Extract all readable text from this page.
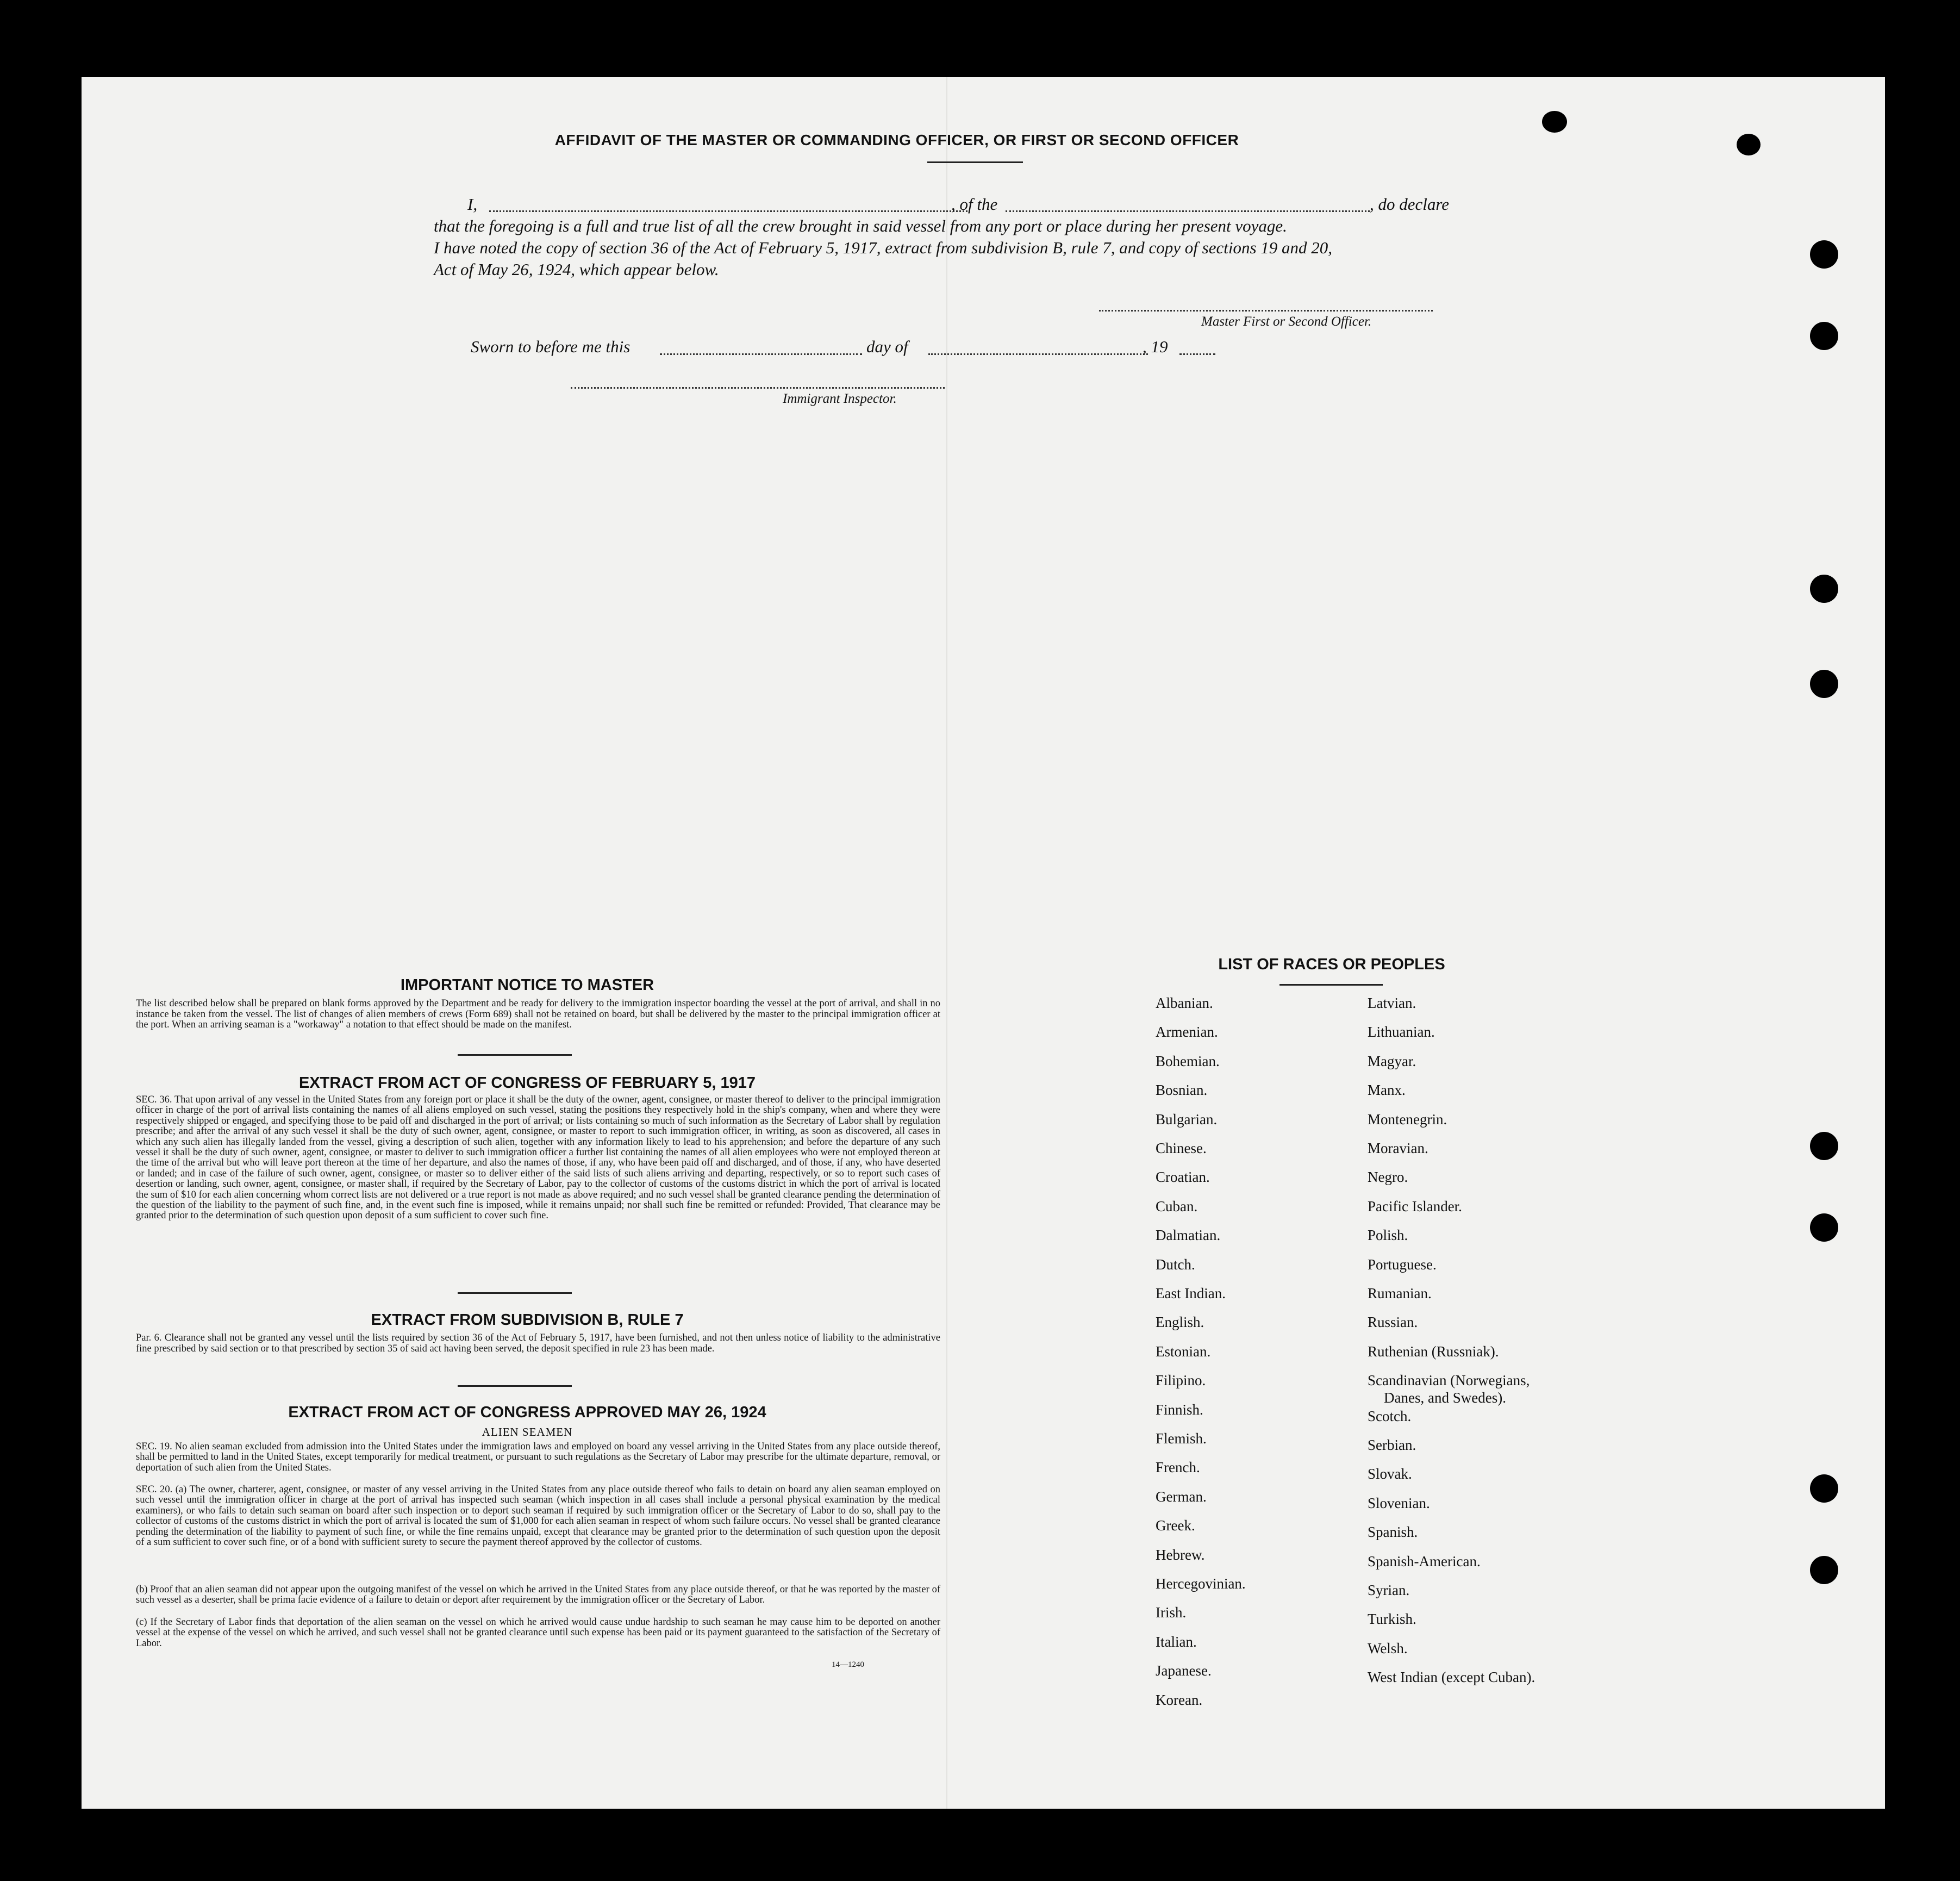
AFFIDAVIT OF THE MASTER OR COMMANDING OFFICER, OR FIRST OR SECOND OFFICER
I,	, of the	, do declare
that the foregoing is a full and true list of all the crew brought in said vessel from any port or place during her present voyage.
I have noted the copy of section 36 of the Act of February 5, 1917, extract from subdivision B, rule 7, and copy of sections 19 and 20,
Act of May 26, 1924, which appear below.
Master First or Second Officer.
Sworn to before me this	day of	, 19
Immigrant Inspector.
IMPORTANT NOTICE TO MASTER
The list described below shall be prepared on blank forms approved by the Department and be ready for delivery to the immigration inspector boarding the vessel at the port of arrival, and shall in no instance be taken from the vessel. The list of changes of alien members of crews (Form 689) shall not be retained on board, but shall be delivered by the master to the principal immigration officer at the port. When an arriving seaman is a "workaway" a notation to that effect should be made on the manifest.
EXTRACT FROM ACT OF CONGRESS OF FEBRUARY 5, 1917
SEC. 36. That upon arrival of any vessel in the United States from any foreign port or place it shall be the duty of the owner, agent, consignee, or master thereof to deliver to the principal immigration officer in charge of the port of arrival lists containing the names of all aliens employed on such vessel, stating the positions they respectively hold in the ship's company, when and where they were respectively shipped or engaged, and specifying those to be paid off and discharged in the port of arrival; or lists containing so much of such information as the Secretary of Labor shall by regulation prescribe; and after the arrival of any such vessel it shall be the duty of such owner, agent, consignee, or master to report to such immigration officer, in writing, as soon as discovered, all cases in which any such alien has illegally landed from the vessel, giving a description of such alien, together with any information likely to lead to his apprehension; and before the departure of any such vessel it shall be the duty of such owner, agent, consignee, or master to deliver to such immigration officer a further list containing the names of all alien employees who were not employed thereon at the time of the arrival but who will leave port thereon at the time of her departure, and also the names of those, if any, who have been paid off and discharged, and of those, if any, who have deserted or landed; and in case of the failure of such owner, agent, consignee, or master so to deliver either of the said lists of such aliens arriving and departing, respectively, or so to report such cases of desertion or landing, such owner, agent, consignee, or master shall, if required by the Secretary of Labor, pay to the collector of customs of the customs district in which the port of arrival is located the sum of $10 for each alien concerning whom correct lists are not delivered or a true report is not made as above required; and no such vessel shall be granted clearance pending the determination of the question of the liability to the payment of such fine, and, in the event such fine is imposed, while it remains unpaid; nor shall such fine be remitted or refunded: Provided, That clearance may be granted prior to the determination of such question upon deposit of a sum sufficient to cover such fine.
EXTRACT FROM SUBDIVISION B, RULE 7
Par. 6. Clearance shall not be granted any vessel until the lists required by section 36 of the Act of February 5, 1917, have been furnished, and not then unless notice of liability to the administrative fine prescribed by said section or to that prescribed by section 35 of said act having been served, the deposit specified in rule 23 has been made.
EXTRACT FROM ACT OF CONGRESS APPROVED MAY 26, 1924
ALIEN SEAMEN
SEC. 19. No alien seaman excluded from admission into the United States under the immigration laws and employed on board any vessel arriving in the United States from any place outside thereof, shall be permitted to land in the United States, except temporarily for medical treatment, or pursuant to such regulations as the Secretary of Labor may prescribe for the ultimate departure, removal, or deportation of such alien from the United States.
SEC. 20. (a) The owner, charterer, agent, consignee, or master of any vessel arriving in the United States from any place outside thereof who fails to detain on board any alien seaman employed on such vessel until the immigration officer in charge at the port of arrival has inspected such seaman (which inspection in all cases shall include a personal physical examination by the medical examiners), or who fails to detain such seaman on board after such inspection or to deport such seaman if required by such immigration officer or the Secretary of Labor to do so, shall pay to the collector of customs of the customs district in which the port of arrival is located the sum of $1,000 for each alien seaman in respect of whom such failure occurs. No vessel shall be granted clearance pending the determination of the liability to payment of such fine, or while the fine remains unpaid, except that clearance may be granted prior to the determination of such question upon the deposit of a sum sufficient to cover such fine, or of a bond with sufficient surety to secure the payment thereof approved by the collector of customs.
(b) Proof that an alien seaman did not appear upon the outgoing manifest of the vessel on which he arrived in the United States from any place outside thereof, or that he was reported by the master of such vessel as a deserter, shall be prima facie evidence of a failure to detain or deport after requirement by the immigration officer or the Secretary of Labor.
(c) If the Secretary of Labor finds that deportation of the alien seaman on the vessel on which he arrived would cause undue hardship to such seaman he may cause him to be deported on another vessel at the expense of the vessel on which he arrived, and such vessel shall not be granted clearance until such expense has been paid or its payment guaranteed to the satisfaction of the Secretary of Labor.
14—1240
LIST OF RACES OR PEOPLES
Albanian.
Armenian.
Bohemian.
Bosnian.
Bulgarian.
Chinese.
Croatian.
Cuban.
Dalmatian.
Dutch.
East Indian.
English.
Estonian.
Filipino.
Finnish.
Flemish.
French.
German.
Greek.
Hebrew.
Hercegovinian.
Irish.
Italian.
Japanese.
Korean.
Latvian.
Lithuanian.
Magyar.
Manx.
Montenegrin.
Moravian.
Negro.
Pacific Islander.
Polish.
Portuguese.
Rumanian.
Russian.
Ruthenian (Russniak).
Scandinavian (Norwegians,
Danes, and Swedes).
Scotch.
Serbian.
Slovak.
Slovenian.
Spanish.
Spanish-American.
Syrian.
Turkish.
Welsh.
West Indian (except Cuban).
